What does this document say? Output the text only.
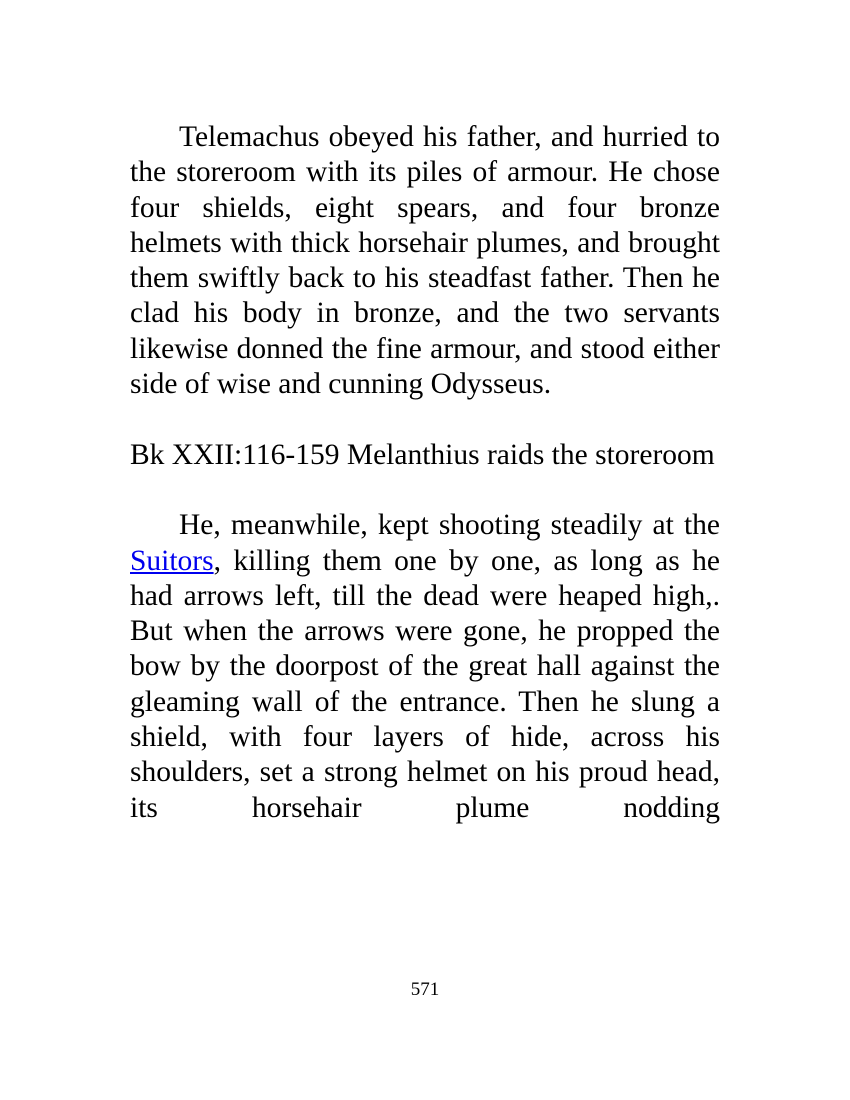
Telemachus obeyed his father, and hurried to the storeroom with its piles of armour. He chose four shields, eight spears, and four bronze helmets with thick horsehair plumes, and brought them swiftly back to his steadfast father. Then he clad his body in bronze, and the two servants likewise donned the fine armour, and stood either side of wise and cunning Odysseus.

Bk XXII:116-159 Melanthius raids the storeroom

He, meanwhile, kept shooting steadily at the Suitors, killing them one by one, as long as he had arrows left, till the dead were heaped high,. But when the arrows were gone, he propped the bow by the doorpost of the great hall against the gleaming wall of the entrance. Then he slung a shield, with four layers of hide, across his shoulders, set a strong helmet on his proud head, its horsehair plume nodding

571
